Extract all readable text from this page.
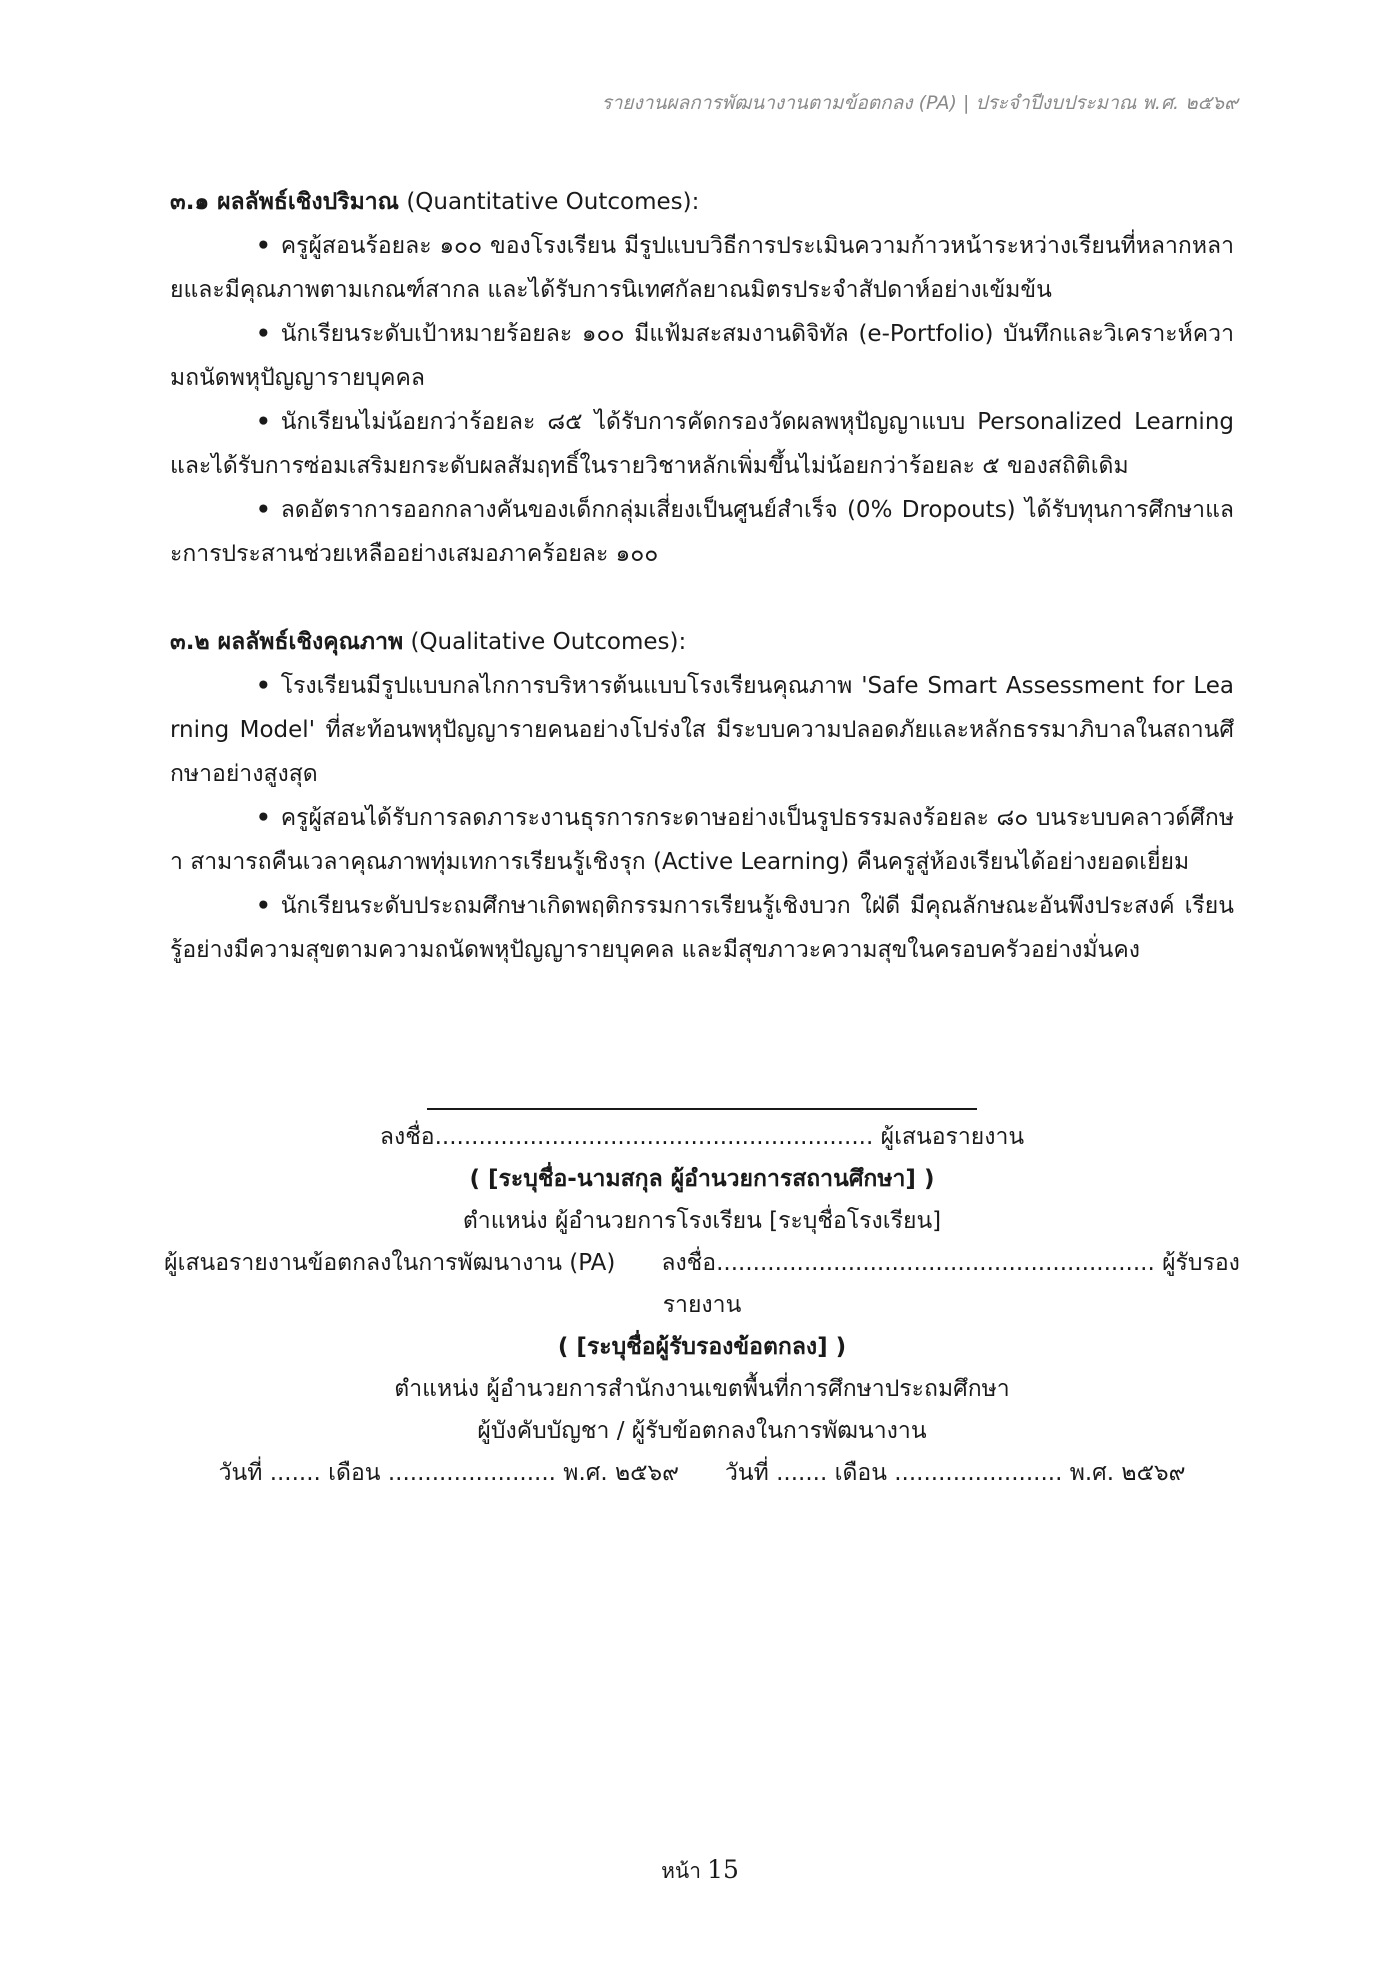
รายงานผลการพัฒนางานตามข้อตกลง (PA) | ประจำปีงบประมาณ พ.ศ. ๒๕๖๙

๓.๑ ผลลัพธ์เชิงปริมาณ (Quantitative Outcomes):

• ครูผู้สอนร้อยละ ๑๐๐ ของโรงเรียน มีรูปแบบวิธีการประเมินความก้าวหน้าระหว่างเรียนที่หลากหลายและมีคุณภาพตามเกณฑ์สากล และได้รับการนิเทศกัลยาณมิตรประจำสัปดาห์อย่างเข้มข้น

• นักเรียนระดับเป้าหมายร้อยละ ๑๐๐ มีแฟ้มสะสมงานดิจิทัล (e-Portfolio) บันทึกและวิเคราะห์ความถนัดพหุปัญญารายบุคคล

• นักเรียนไม่น้อยกว่าร้อยละ ๘๕ ได้รับการคัดกรองวัดผลพหุปัญญาแบบ Personalized Learning และได้รับการซ่อมเสริมยกระดับผลสัมฤทธิ์ในรายวิชาหลักเพิ่มขึ้นไม่น้อยกว่าร้อยละ ๕ ของสถิติเดิม

• ลดอัตราการออกกลางคันของเด็กกลุ่มเสี่ยงเป็นศูนย์สำเร็จ (0% Dropouts) ได้รับทุนการศึกษาและการประสานช่วยเหลืออย่างเสมอภาคร้อยละ ๑๐๐

๓.๒ ผลลัพธ์เชิงคุณภาพ (Qualitative Outcomes):

• โรงเรียนมีรูปแบบกลไกการบริหารต้นแบบโรงเรียนคุณภาพ 'Safe Smart Assessment for Learning Model' ที่สะท้อนพหุปัญญารายคนอย่างโปร่งใส มีระบบความปลอดภัยและหลักธรรมาภิบาลในสถานศึกษาอย่างสูงสุด

• ครูผู้สอนได้รับการลดภาระงานธุรการกระดาษอย่างเป็นรูปธรรมลงร้อยละ ๘๐ บนระบบคลาวด์ศึกษา สามารถคืนเวลาคุณภาพทุ่มเทการเรียนรู้เชิงรุก (Active Learning) คืนครูสู่ห้องเรียนได้อย่างยอดเยี่ยม

• นักเรียนระดับประถมศึกษาเกิดพฤติกรรมการเรียนรู้เชิงบวก ใฝ่ดี มีคุณลักษณะอันพึงประสงค์ เรียนรู้อย่างมีความสุขตามความถนัดพหุปัญญารายบุคคล และมีสุขภาวะความสุขในครอบครัวอย่างมั่นคง

ลงชื่อ............................................................ ผู้เสนอรายงาน
( [ระบุชื่อ-นามสกุล ผู้อำนวยการสถานศึกษา] )
ตำแหน่ง ผู้อำนวยการโรงเรียน [ระบุชื่อโรงเรียน]
ผู้เสนอรายงานข้อตกลงในการพัฒนางาน (PA) ลงชื่อ............................................................ ผู้รับรอง
รายงาน
( [ระบุชื่อผู้รับรองข้อตกลง] )
ตำแหน่ง ผู้อำนวยการสำนักงานเขตพื้นที่การศึกษาประถมศึกษา
ผู้บังคับบัญชา / ผู้รับข้อตกลงในการพัฒนางาน
วันที่ ....... เดือน ....................... พ.ศ. ๒๕๖๙ วันที่ ....... เดือน ....................... พ.ศ. ๒๕๖๙
หน้า 15
